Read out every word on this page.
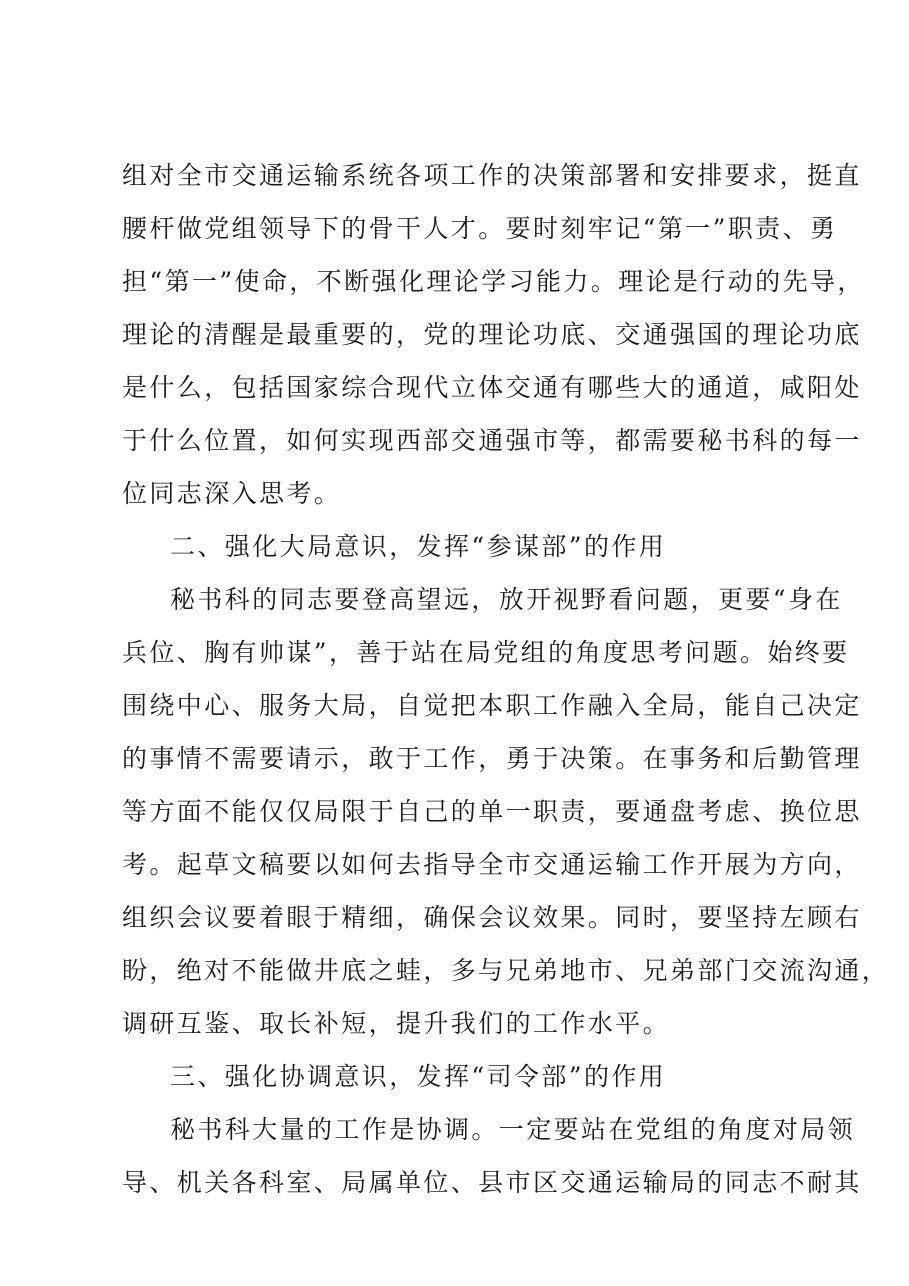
组对全市交通运输系统各项工作的决策部署和安排要求，挺直
腰杆做党组领导下的骨干人才。要时刻牢记“第一”职责、勇
担“第一”使命，不断强化理论学习能力。理论是行动的先导，
理论的清醒是最重要的，党的理论功底、交通强国的理论功底
是什么，包括国家综合现代立体交通有哪些大的通道，咸阳处
于什么位置，如何实现西部交通强市等，都需要秘书科的每一
位同志深入思考。
二、强化大局意识，发挥“参谋部”的作用
秘书科的同志要登高望远，放开视野看问题，更要“身在
兵位、胸有帅谋”，善于站在局党组的角度思考问题。始终要
围绕中心、服务大局，自觉把本职工作融入全局，能自己决定
的事情不需要请示，敢于工作，勇于决策。在事务和后勤管理
等方面不能仅仅局限于自己的单一职责，要通盘考虑、换位思
考。起草文稿要以如何去指导全市交通运输工作开展为方向，
组织会议要着眼于精细，确保会议效果。同时，要坚持左顾右
盼，绝对不能做井底之蛙，多与兄弟地市、兄弟部门交流沟通，
调研互鉴、取长补短，提升我们的工作水平。
三、强化协调意识，发挥“司令部”的作用
秘书科大量的工作是协调。一定要站在党组的角度对局领
导、机关各科室、局属单位、县市区交通运输局的同志不耐其
